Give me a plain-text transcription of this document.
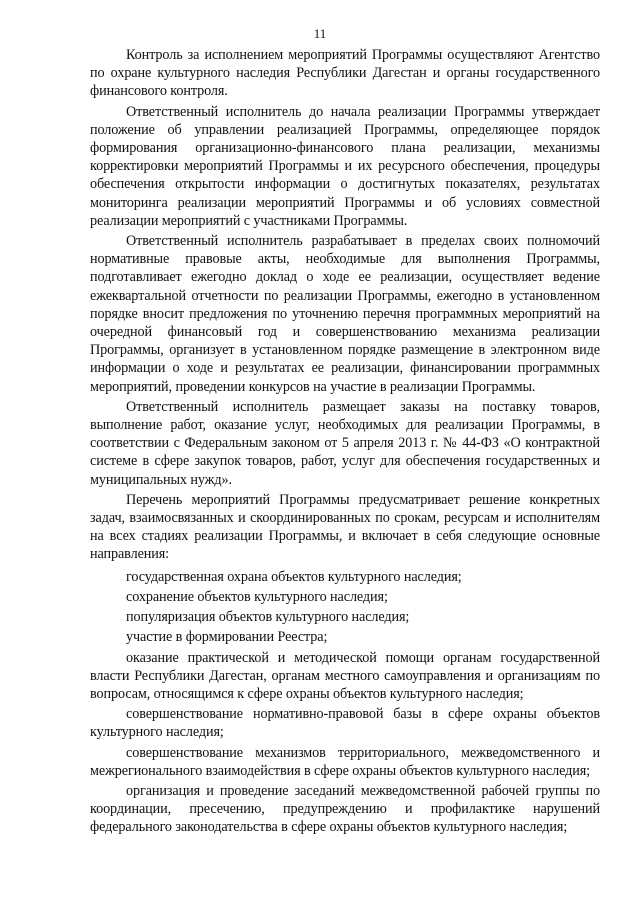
11

Контроль за исполнением мероприятий Программы осуществляют Агентство по охране культурного наследия Республики Дагестан и органы государственного финансового контроля.

Ответственный исполнитель до начала реализации Программы утверждает положение об управлении реализацией Программы, определяющее порядок формирования организационно-финансового плана реализации, механизмы корректировки мероприятий Программы и их ресурсного обеспечения, процедуры обеспечения открытости информации о достигнутых показателях, результатах мониторинга реализации мероприятий Программы и об условиях совместной реализации мероприятий с участниками Программы.

Ответственный исполнитель разрабатывает в пределах своих полномочий нормативные правовые акты, необходимые для выполнения Программы, подготавливает ежегодно доклад о ходе ее реализации, осуществляет ведение ежеквартальной отчетности по реализации Программы, ежегодно в установленном порядке вносит предложения по уточнению перечня программных мероприятий на очередной финансовый год и совершенствованию механизма реализации Программы, организует в установленном порядке размещение в электронном виде информации о ходе и результатах ее реализации, финансировании программных мероприятий, проведении конкурсов на участие в реализации Программы.

Ответственный исполнитель размещает заказы на поставку товаров, выполнение работ, оказание услуг, необходимых для реализации Программы, в соответствии с Федеральным законом от 5 апреля 2013 г. № 44-ФЗ «О контрактной системе в сфере закупок товаров, работ, услуг для обеспечения государственных и муниципальных нужд».

Перечень мероприятий Программы предусматривает решение конкретных задач, взаимосвязанных и скоординированных по срокам, ресурсам и исполнителям на всех стадиях реализации Программы, и включает в себя следующие основные направления:

государственная охрана объектов культурного наследия;

сохранение объектов культурного наследия;

популяризация объектов культурного наследия;

участие в формировании Реестра;

оказание практической и методической помощи органам государственной власти Республики Дагестан, органам местного самоуправления и организациям по вопросам, относящимся к сфере охраны объектов культурного наследия;

совершенствование нормативно-правовой базы в сфере охраны объектов культурного наследия;

совершенствование механизмов территориального, межведомственного и межрегионального взаимодействия в сфере охраны объектов культурного наследия;

организация и проведение заседаний межведомственной рабочей группы по координации, пресечению, предупреждению и профилактике нарушений федерального законодательства в сфере охраны объектов культурного наследия;
